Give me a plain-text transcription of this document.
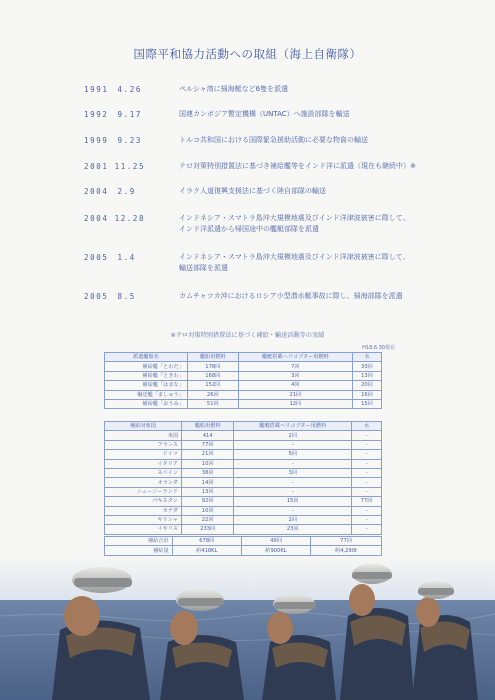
国際平和協力活動への取組（海上自衛隊）
1991　4.26	ペルシャ湾に掃海艇など6隻を派遣
1992　9.17	国連カンボジア暫定機構（UNTAC）へ施設部隊を輸送
1999　9.23	トルコ共和国における国際緊急援助活動に必要な物資の輸送
2001 11.25	テロ対策特別措置法に基づき補給艦等をインド洋に派遣（現在も継続中）※
2004　2.9	イラク人道復興支援法に基づく陸自部隊の輸送
2004 12.28	インドネシア・スマトラ島沖大規模地震及びインド洋津波被害に際して、
インド洋派遣から帰国途中の艦艇部隊を派遣
2005　1.4	インドネシア・スマトラ島沖大規模地震及びインド洋津波被害に際して、
輸送部隊を派遣
2005　8.5	カムチャツカ沖におけるロシア小型潜水艇事故に際し、掃海部隊を派遣
※テロ対策特別措置法に基づく補給・輸送活動等の実績
H18.6.30現在
派遣艦船名	艦船用燃料	艦艇搭載ヘリコプター用燃料	水
補給艦「とわだ」	178回	7回	33回
補給艦「ときわ」	168回	3回	13回
補給艦「はまな」	152回	4回	20回
輸送艦「ましゅう」	26回	21回	16回
補給艦「おうみ」	51回	12回	15回
補給対象国	艦船用燃料	艦艇搭載ヘリコプター用燃料	水
米国	414	2回	-
フランス	77回	-	-
ドイツ	21回	5回	-
イタリア	10回	-	-
スペイン	38回	3回	-
オランダ	14回	-	-
ニュージーランド	13回	-	-
パキスタン	92回	15回	77回
カナダ	10回	-	-
ギリシャ	22回	2回	-
イギリス	233回	23回	-
補給合計	678回	49回	77回
補給量	約418KL	約900KL	約4,290t
